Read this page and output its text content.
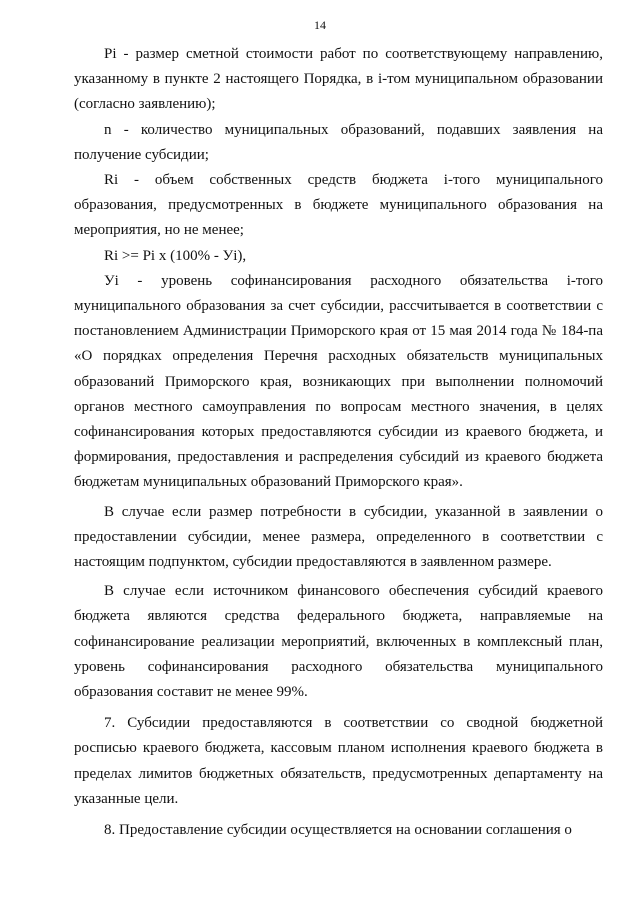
14

Pi - размер сметной стоимости работ по соответствующему направлению, указанному в пункте 2 настоящего Порядка, в i-том муниципальном образовании (согласно заявлению);

n - количество муниципальных образований, подавших заявления на получение субсидии;

Ri - объем собственных средств бюджета i-того муниципального образования, предусмотренных в бюджете муниципального образования на мероприятия, но не менее;

Ri >= Pi x (100% - Уi),

Уi - уровень софинансирования расходного обязательства i-того муниципального образования за счет субсидии, рассчитывается в соответствии с постановлением Администрации Приморского края от 15 мая 2014 года № 184-па «О порядках определения Перечня расходных обязательств муниципальных образований Приморского края, возникающих при выполнении полномочий органов местного самоуправления по вопросам местного значения, в целях софинансирования которых предоставляются субсидии из краевого бюджета, и формирования, предоставления и распределения субсидий из краевого бюджета бюджетам муниципальных образований Приморского края».

В случае если размер потребности в субсидии, указанной в заявлении о предоставлении субсидии, менее размера, определенного в соответствии с настоящим подпунктом, субсидии предоставляются в заявленном размере.

В случае если источником финансового обеспечения субсидий краевого бюджета являются средства федерального бюджета, направляемые на софинансирование реализации мероприятий, включенных в комплексный план, уровень софинансирования расходного обязательства муниципального образования составит не менее 99%.

7. Субсидии предоставляются в соответствии со сводной бюджетной росписью краевого бюджета, кассовым планом исполнения краевого бюджета в пределах лимитов бюджетных обязательств, предусмотренных департаменту на указанные цели.

8. Предоставление субсидии осуществляется на основании соглашения о
